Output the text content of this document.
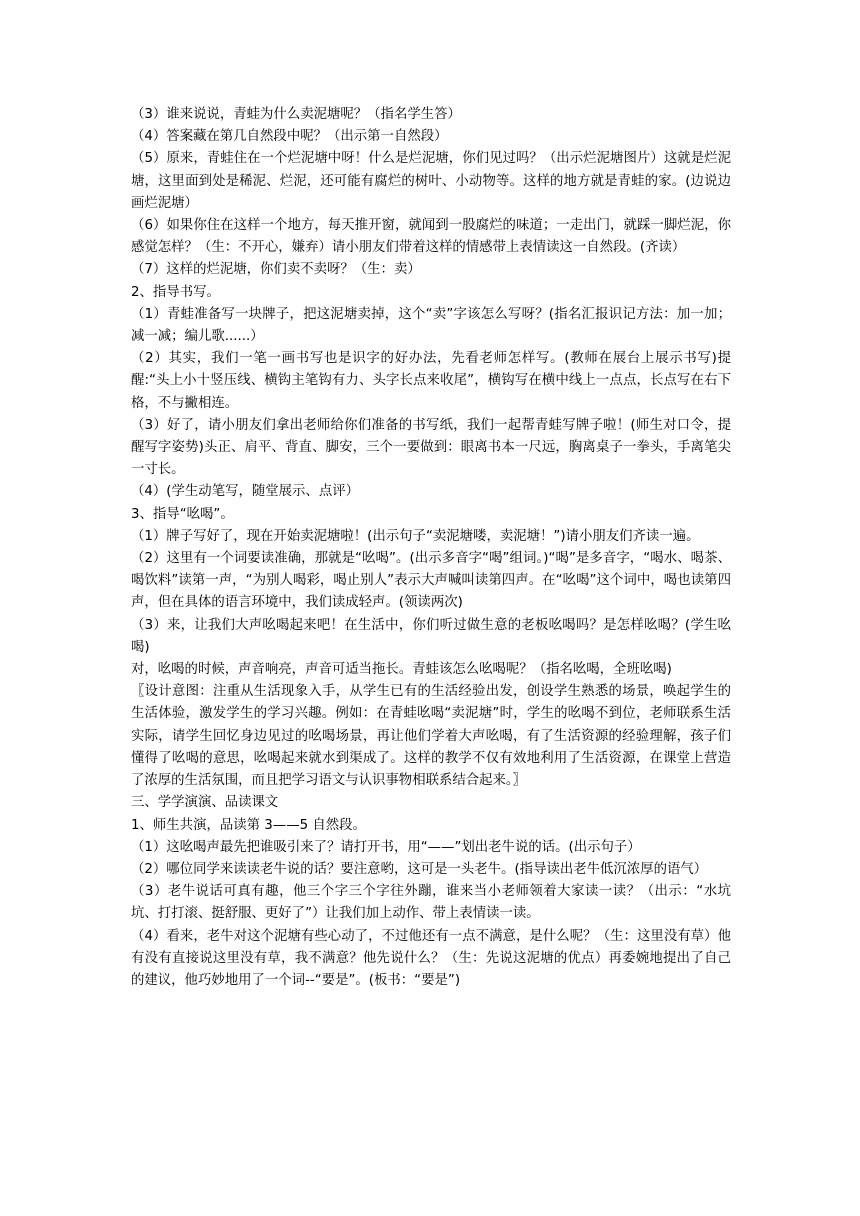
（3）谁来说说，青蛙为什么卖泥塘呢？（指名学生答）

（4）答案藏在第几自然段中呢？（出示第一自然段）

（5）原来，青蛙住在一个烂泥塘中呀！什么是烂泥塘，你们见过吗？（出示烂泥塘图片）这就是烂泥塘，这里面到处是稀泥、烂泥，还可能有腐烂的树叶、小动物等。这样的地方就是青蛙的家。(边说边画烂泥塘）

（6）如果你住在这样一个地方，每天推开窗，就闻到一股腐烂的味道；一走出门，就踩一脚烂泥，你感觉怎样？（生：不开心，嫌弃）请小朋友们带着这样的情感带上表情读这一自然段。(齐读）

（7）这样的烂泥塘，你们卖不卖呀？（生：卖）

2、指导书写。

（1）青蛙准备写一块牌子，把这泥塘卖掉，这个“卖”字该怎么写呀？(指名汇报识记方法：加一加；减一减；编儿歌......）

（2）其实，我们一笔一画书写也是识字的好办法，先看老师怎样写。(教师在展台上展示书写)提醒:“头上小十竖压线、横钩主笔钩有力、头字长点来收尾”，横钩写在横中线上一点点，长点写在右下格，不与撇相连。

（3）好了，请小朋友们拿出老师给你们准备的书写纸，我们一起帮青蛙写牌子啦！(师生对口令，提醒写字姿势)头正、肩平、背直、脚安，三个一要做到：眼离书本一尺远，胸离桌子一拳头，手离笔尖一寸长。

（4）(学生动笔写，随堂展示、点评）

3、指导“吆喝”。

（1）牌子写好了，现在开始卖泥塘啦！(出示句子“卖泥塘喽，卖泥塘！”)请小朋友们齐读一遍。

（2）这里有一个词要读准确，那就是“吆喝”。(出示多音字“喝”组词。)“喝”是多音字，“喝水、喝茶、喝饮料”读第一声，“为别人喝彩，喝止别人”表示大声喊叫读第四声。在“吆喝”这个词中，喝也读第四声，但在具体的语言环境中，我们读成轻声。(领读两次)

（3）来，让我们大声吆喝起来吧！在生活中，你们听过做生意的老板吆喝吗？是怎样吆喝？(学生吆喝)

对，吆喝的时候，声音响亮，声音可适当拖长。青蛙该怎么吆喝呢？（指名吆喝，全班吆喝)

〖设计意图：注重从生活现象入手，从学生已有的生活经验出发，创设学生熟悉的场景，唤起学生的生活体验，激发学生的学习兴趣。例如：在青蛙吆喝“卖泥塘”时，学生的吆喝不到位，老师联系生活实际，请学生回忆身边见过的吆喝场景，再让他们学着大声吆喝，有了生活资源的经验理解，孩子们懂得了吆喝的意思，吆喝起来就水到渠成了。这样的教学不仅有效地利用了生活资源，在课堂上营造了浓厚的生活氛围，而且把学习语文与认识事物相联系结合起来。〗

三、学学演演、品读课文

1、师生共演，品读第 3——5 自然段。

（1）这吆喝声最先把谁吸引来了？请打开书，用“——”划出老牛说的话。(出示句子）

（2）哪位同学来读读老牛说的话？要注意哟，这可是一头老牛。(指导读出老牛低沉浓厚的语气）

（3）老牛说话可真有趣，他三个字三个字往外蹦，谁来当小老师领着大家读一读？（出示：“水坑坑、打打滚、挺舒服、更好了”）让我们加上动作、带上表情读一读。

（4）看来，老牛对这个泥塘有些心动了，不过他还有一点不满意，是什么呢？（生：这里没有草）他有没有直接说这里没有草，我不满意？他先说什么？（生：先说这泥塘的优点）再委婉地提出了自己的建议，他巧妙地用了一个词--“要是”。(板书：“要是”)
